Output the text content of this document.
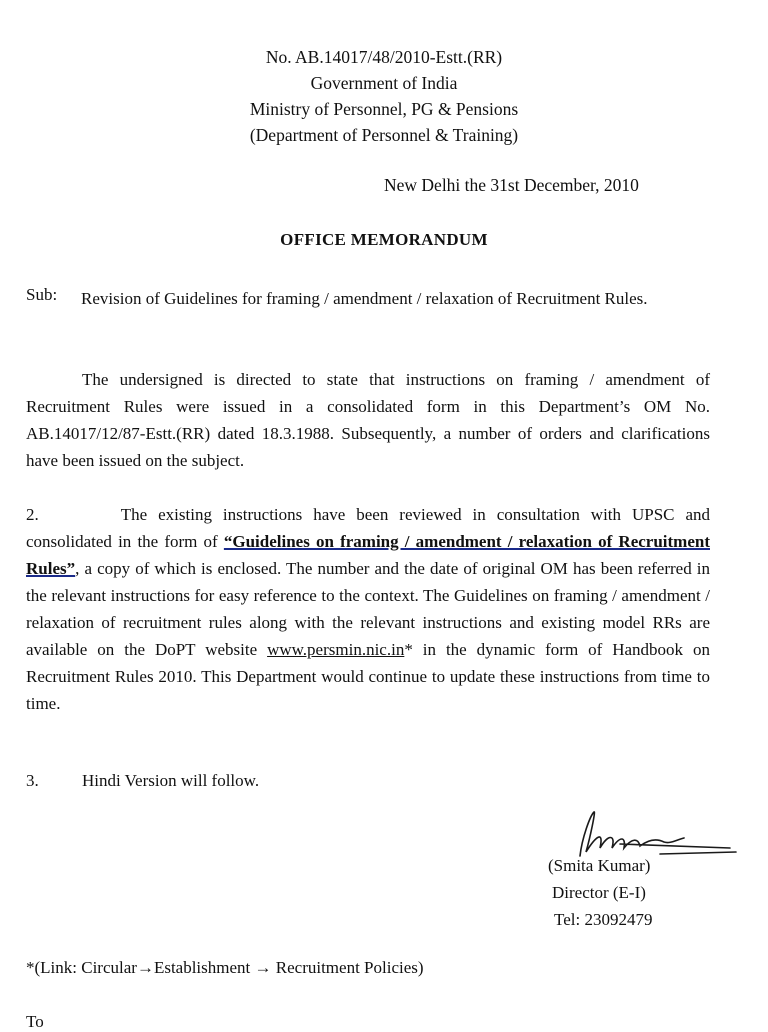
No. AB.14017/48/2010-Estt.(RR)
Government of India
Ministry of Personnel, PG & Pensions
(Department of Personnel & Training)
New Delhi the 31st December, 2010
OFFICE MEMORANDUM
Sub: Revision of Guidelines for framing / amendment / relaxation of Recruitment Rules.
The undersigned is directed to state that instructions on framing / amendment of Recruitment Rules were issued in a consolidated form in this Department’s OM No. AB.14017/12/87-Estt.(RR) dated 18.3.1988. Subsequently, a number of orders and clarifications have been issued on the subject.
2.	The existing instructions have been reviewed in consultation with UPSC and consolidated in the form of “Guidelines on framing / amendment / relaxation of Recruitment Rules”, a copy of which is enclosed. The number and the date of original OM has been referred in the relevant instructions for easy reference to the context. The Guidelines on framing / amendment / relaxation of recruitment rules along with the relevant instructions and existing model RRs are available on the DoPT website www.persmin.nic.in* in the dynamic form of Handbook on Recruitment Rules 2010. This Department would continue to update these instructions from time to time.
3.	Hindi Version will follow.
(Smita Kumar)
Director (E-I)
Tel: 23092479
*(Link: Circular→Establishment → Recruitment Policies)
To
